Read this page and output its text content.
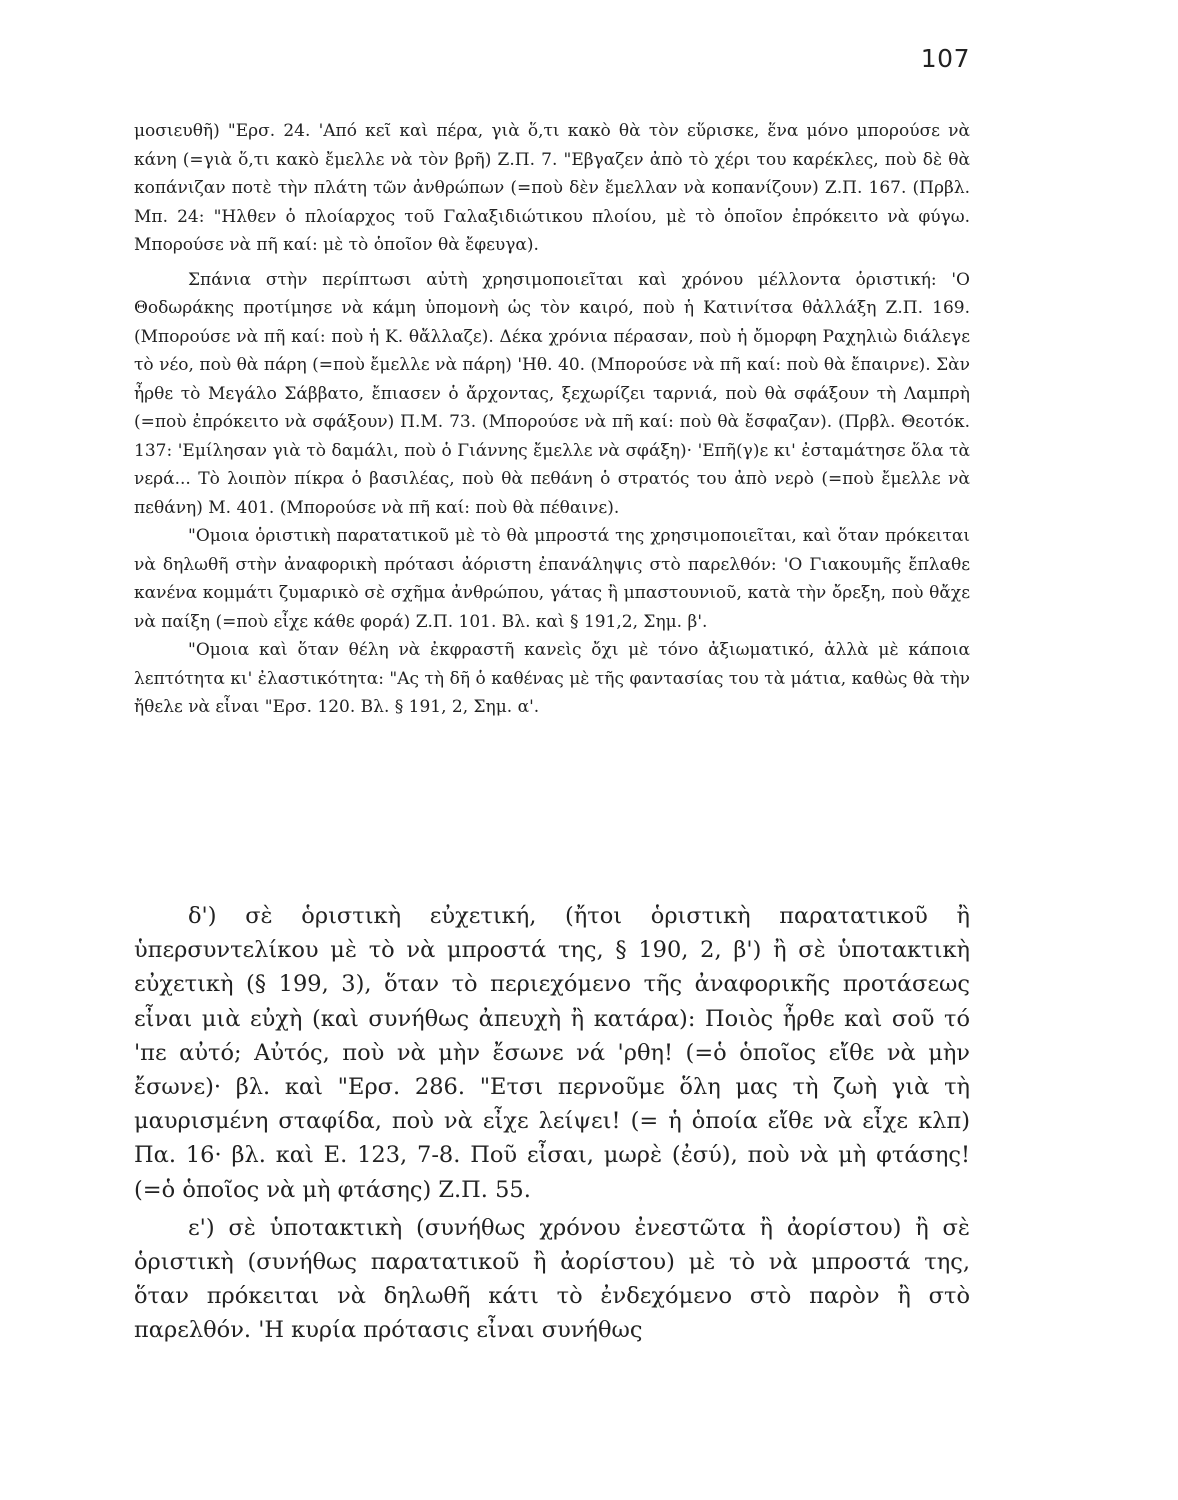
107

μοσιευθῆ) "Ερσ. 24. 'Από κεῖ καὶ πέρα, γιὰ ὅ,τι κακὸ θὰ τὸν εὕρισκε, ἕνα μόνο μπορούσε νὰ κάνη (=γιὰ ὅ,τι κακὸ ἔμελλε νὰ τὸν βρῆ) Ζ.Π. 7. "Εβγαζεν ἀπὸ τὸ χέρι του καρέκλες, ποὺ δὲ θὰ κοπάνιζαν ποτὲ τὴν πλάτη τῶν ἀνθρώπων (=ποὺ δὲν ἔμελλαν νὰ κοπανίζουν) Ζ.Π. 167. (Πρβλ. Μπ. 24: "Ηλθεν ὁ πλοίαρχος τοῦ Γαλαξιδιώτικου πλοίου, μὲ τὸ ὁποῖον ἐπρόκειτο νὰ φύγω. Μπορούσε νὰ πῆ καί: μὲ τὸ ὁποῖον θὰ ἔφευγα).

Σπάνια στὴν περίπτωσι αὐτὴ χρησιμοποιεῖται καὶ χρόνου μέλλοντα ὁριστική: 'Ο Θοδωράκης προτίμησε νὰ κάμη ὑπομονὴ ὡς τὸν καιρό, ποὺ ἡ Κατινίτσα θἀλλάξη Ζ.Π. 169. (Μπορούσε νὰ πῆ καί: ποὺ ἡ Κ. θἄλλαζε). Δέκα χρόνια πέρασαν, ποὺ ἡ ὄμορφη Ραχηλιὼ διάλεγε τὸ νέο, ποὺ θὰ πάρη (=ποὺ ἔμελλε νὰ πάρη) 'Ηθ. 40. (Μπορούσε νὰ πῆ καί: ποὺ θὰ ἔπαιρνε). Σὰν ἦρθε τὸ Μεγάλο Σάββατο, ἔπιασεν ὁ ἄρχοντας, ξεχωρίζει ταρνιά, ποὺ θὰ σφάξουν τὴ Λαμπρὴ (=ποὺ ἐπρόκειτο νὰ σφάξουν) Π.Μ. 73. (Μπορούσε νὰ πῆ καί: ποὺ θὰ ἔσφαζαν). (Πρβλ. Θεοτόκ. 137: 'Εμίλησαν γιὰ τὸ δαμάλι, ποὺ ὁ Γιάννης ἔμελλε νὰ σφάξη)· 'Επῆ(γ)ε κι' ἐσταμάτησε ὅλα τὰ νερά... Τὸ λοιπὸν πίκρα ὁ βασιλέας, ποὺ θὰ πεθάνη ὁ στρατός του ἀπὸ νερὸ (=ποὺ ἔμελλε νὰ πεθάνη) Μ. 401. (Μπορούσε νὰ πῆ καί: ποὺ θὰ πέθαινε).

"Ομοια ὁριστικὴ παρατατικοῦ μὲ τὸ θὰ μπροστά της χρησιμοποιεῖται, καὶ ὅταν πρόκειται νὰ δηλωθῆ στὴν ἀναφορικὴ πρότασι ἀόριστη ἐπανάληψις στὸ παρελθόν: 'Ο Γιακουμῆς ἔπλαθε κανένα κομμάτι ζυμαρικὸ σὲ σχῆμα ἀνθρώπου, γάτας ἢ μπαστουνιοῦ, κατὰ τὴν ὄρεξη, ποὺ θἄχε νὰ παίξη (=ποὺ εἶχε κάθε φορά) Ζ.Π. 101. Βλ. καὶ § 191,2, Σημ. β'.

"Ομοια καὶ ὅταν θέλη νὰ ἐκφραστῆ κανεὶς ὄχι μὲ τόνο ἀξιωματικό, ἀλλὰ μὲ κάποια λεπτότητα κι' ἐλαστικότητα: "Ας τὴ δῆ ὁ καθένας μὲ τῆς φαντασίας του τὰ μάτια, καθὼς θὰ τὴν ἤθελε νὰ εἶναι "Ερσ. 120. Βλ. § 191, 2, Σημ. α'.

δ') σὲ ὁριστικὴ εὐχετική, (ἤτοι ὁριστικὴ παρατατικοῦ ἢ ὑπερσυντελίκου μὲ τὸ νὰ μπροστά της, § 190, 2, β') ἢ σὲ ὑποτακτικὴ εὐχετικὴ (§ 199, 3), ὅταν τὸ περιεχόμενο τῆς ἀναφορικῆς προτάσεως εἶναι μιὰ εὐχὴ (καὶ συνήθως ἀπευχὴ ἢ κατάρα): Ποιὸς ἦρθε καὶ σοῦ τό 'πε αὐτό; Αὐτός, ποὺ νὰ μὴν ἔσωνε νά 'ρθη! (=ὁ ὁποῖος εἴθε νὰ μὴν ἔσωνε)· βλ. καὶ "Ερσ. 286. "Ετσι περνοῦμε ὅλη μας τὴ ζωὴ γιὰ τὴ μαυρισμένη σταφίδα, ποὺ νὰ εἶχε λείψει! (= ἡ ὁποία εἴθε νὰ εἶχε κλπ) Πα. 16· βλ. καὶ Ε. 123, 7-8. Ποῦ εἶσαι, μωρὲ (ἐσύ), ποὺ νὰ μὴ φτάσης! (=ὁ ὁποῖος νὰ μὴ φτάσης) Ζ.Π. 55.

ε') σὲ ὑποτακτικὴ (συνήθως χρόνου ἐνεστῶτα ἢ ἀορίστου) ἢ σὲ ὁριστικὴ (συνήθως παρατατικοῦ ἢ ἀορίστου) μὲ τὸ νὰ μπροστά της, ὅταν πρόκειται νὰ δηλωθῆ κάτι τὸ ἐνδεχόμενο στὸ παρὸν ἢ στὸ παρελθόν. 'Η κυρία πρότασις εἶναι συνήθως
